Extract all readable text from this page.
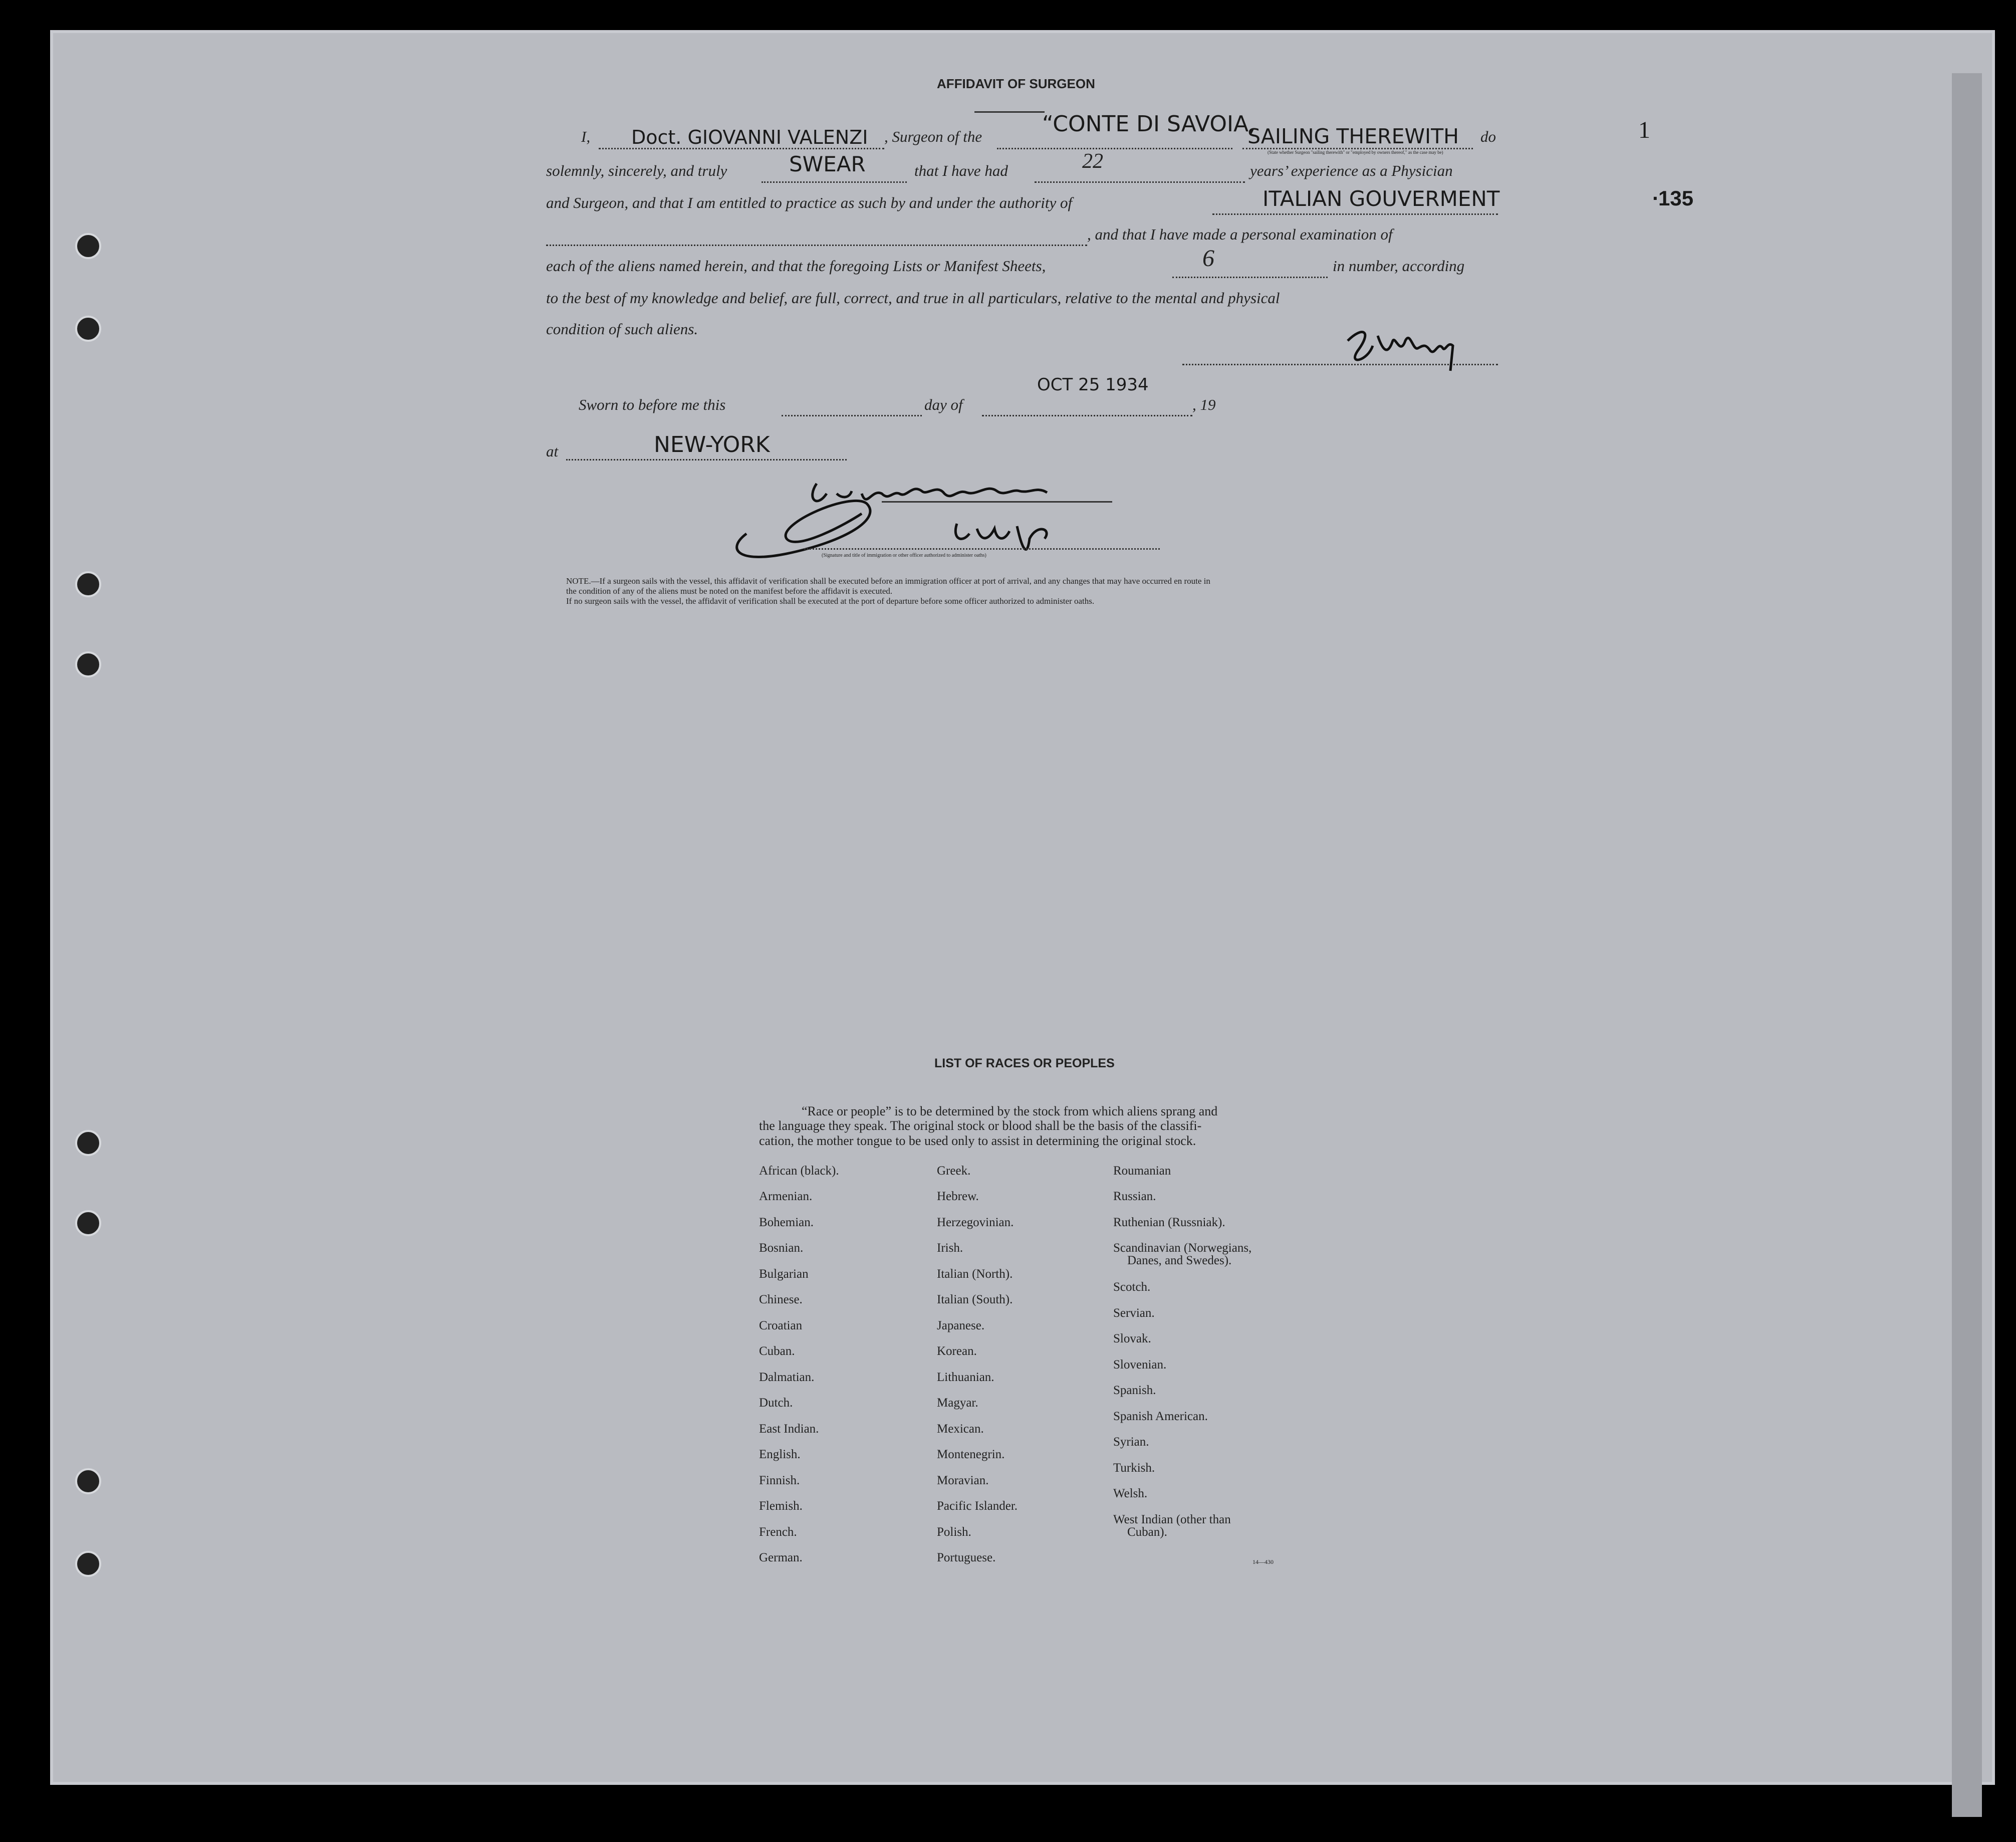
AFFIDAVIT OF SURGEON
I, Doct. GIOVANNI VALENZI , Surgeon of the	“CONTE DI SAVOIA,
SAILING THEREWITH do
(State whether Surgeon "sailing therewith" or "employed by owners thereof," as the case may be)
solemnly, sincerely, and truly	SWEAR	that I have had	22	years’ experience as a Physician
and Surgeon, and that I am entitled to practice as such by and under the authority of	ITALIAN GOUVERMENT	135
·
1
, and that I have made a personal examination of
each of the aliens named herein, and that the foregoing Lists or Manifest Sheets,	6	in number, according
to the best of my knowledge and belief, are full, correct, and true in all particulars, relative to the mental and physical
condition of such aliens.
OCT 25 1934
Sworn to before me this	day of	, 19
at	NEW-YORK
(Signature and title of immigration or other officer authorized to administer oaths)
NOTE.—If a surgeon sails with the vessel, this affidavit of verification shall be executed before an immigration officer at port of arrival, and any changes that may have occurred en route in
the condition of any of the aliens must be noted on the manifest before the affidavit is executed.
If no surgeon sails with the vessel, the affidavit of verification shall be executed at the port of departure before some officer authorized to administer oaths.
LIST OF RACES OR PEOPLES
“Race or people” is to be determined by the stock from which aliens sprang and
the language they speak. The original stock or blood shall be the basis of the classifi-
cation, the mother tongue to be used only to assist in determining the original stock.
African (black).
Armenian.
Bohemian.
Bosnian.
Bulgarian
Chinese.
Croatian
Cuban.
Dalmatian.
Dutch.
East Indian.
English.
Finnish.
Flemish.
French.
German.
Greek.
Hebrew.
Herzegovinian.
Irish.
Italian (North).
Italian (South).
Japanese.
Korean.
Lithuanian.
Magyar.
Mexican.
Montenegrin.
Moravian.
Pacific Islander.
Polish.
Portuguese.
Roumanian
Russian.
Ruthenian (Russniak).
Scandinavian (Norwegians,
Danes, and Swedes).
Scotch.
Servian.
Slovak.
Slovenian.
Spanish.
Spanish American.
Syrian.
Turkish.
Welsh.
West Indian (other than
Cuban).
14—430
